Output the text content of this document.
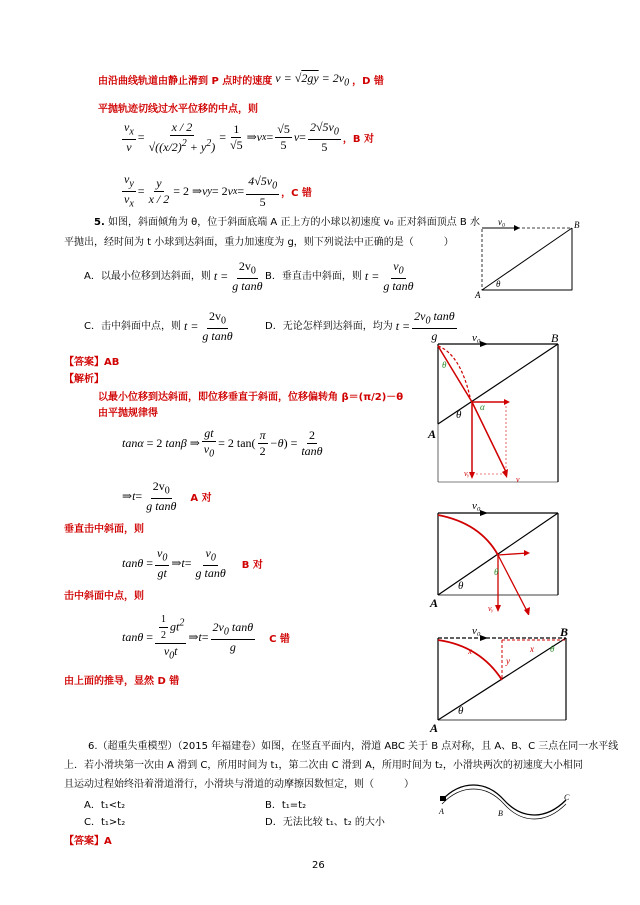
由沿曲线轨道由静止滑到 P 点时的速度 $v = √2gy = 2v_0$ ，D 错
平抛轨迹切线过水平位移的中点，则
$\frac{v_x}{v} = \frac{x / 2}{√((x/2)^2 + y^2)} = \frac{1}{√5}$ ⇒ v $x = \frac{√5}{5}$ $v = \frac{2√5v_0}{5}$ ，B 对
$\frac{v_y}{v_x} = \frac{y}{x / 2} = 2$ ⇒ v y = 2 v $x = \frac{4√5v_0}{5}$ ，C 错
5. 如图，斜面倾角为 θ，位于斜面底端 A 正上方的小球以初速度 v₀ 正对斜面顶点 B 水
平抛出，经时间为 t 小球到达斜面，重力加速度为 g，则下列说法中正确的是（　　　）
A．以最小位移到达斜面，则 $t = \frac{2v_0}{\text{g tanθ}}$ B．垂直击中斜面，则 $t = \frac{v_0}{\text{g tanθ}}$
C．击中斜面中点，则 $t = \frac{2v_0}{\text{g tanθ}}$	D．无论怎样到达斜面，均为 $t = \frac{2v_0 \tan\theta}{g}$
v₀	B
A
θ
【答案】AB
【解析】
以最小位移到达斜面，即位移垂直于斜面，位移偏转角 β＝(π/2)－θ
由平抛规律得
tanα = 2 tanβ ⇒ $\frac{gt}{v_0} = 2$ $\tan( \frac{\pi}{2} -\theta) = \frac{2}{\tan\theta}$
⇒ $t = \frac{2v_0}{\text{g tanθ}}$ A 对
垂直击中斜面，则
$\tan\theta = \frac{v_0}{gt}$ ⇒ $t = \frac{v_0}{\text{g tanθ}}$ B 对
击中斜面中点，则
$\tan\theta = \frac{\frac{1}{2} gt^2}{v_0t}$ ⇒ $t = \frac{2v_0 \tan\theta}{g}$ C 错
由上面的推导，显然 D 错
v₀	B
A
θ
θ
α
vᵧ
v
v₀
A
θ
θ
vᵧ
v₀	B
A
θ
x
y
x θ
6.（超重失重模型）（2015 年福建卷）如图，在竖直平面内，滑道 ABC 关于 B 点对称，且 A、B、C 三点在同一水平线
上．若小滑块第一次由 A 滑到 C，所用时间为 t₁，第二次由 C 滑到 A，所用时间为 t₂，小滑块两次的初速度大小相同
且运动过程始终沿着滑道滑行，小滑块与滑道的动摩擦因数恒定，则（　　　）
A．t₁<t₂	B．t₁=t₂
C．t₁>t₂	D．无法比较 t₁、t₂ 的大小
A	B
C
【答案】A
26
